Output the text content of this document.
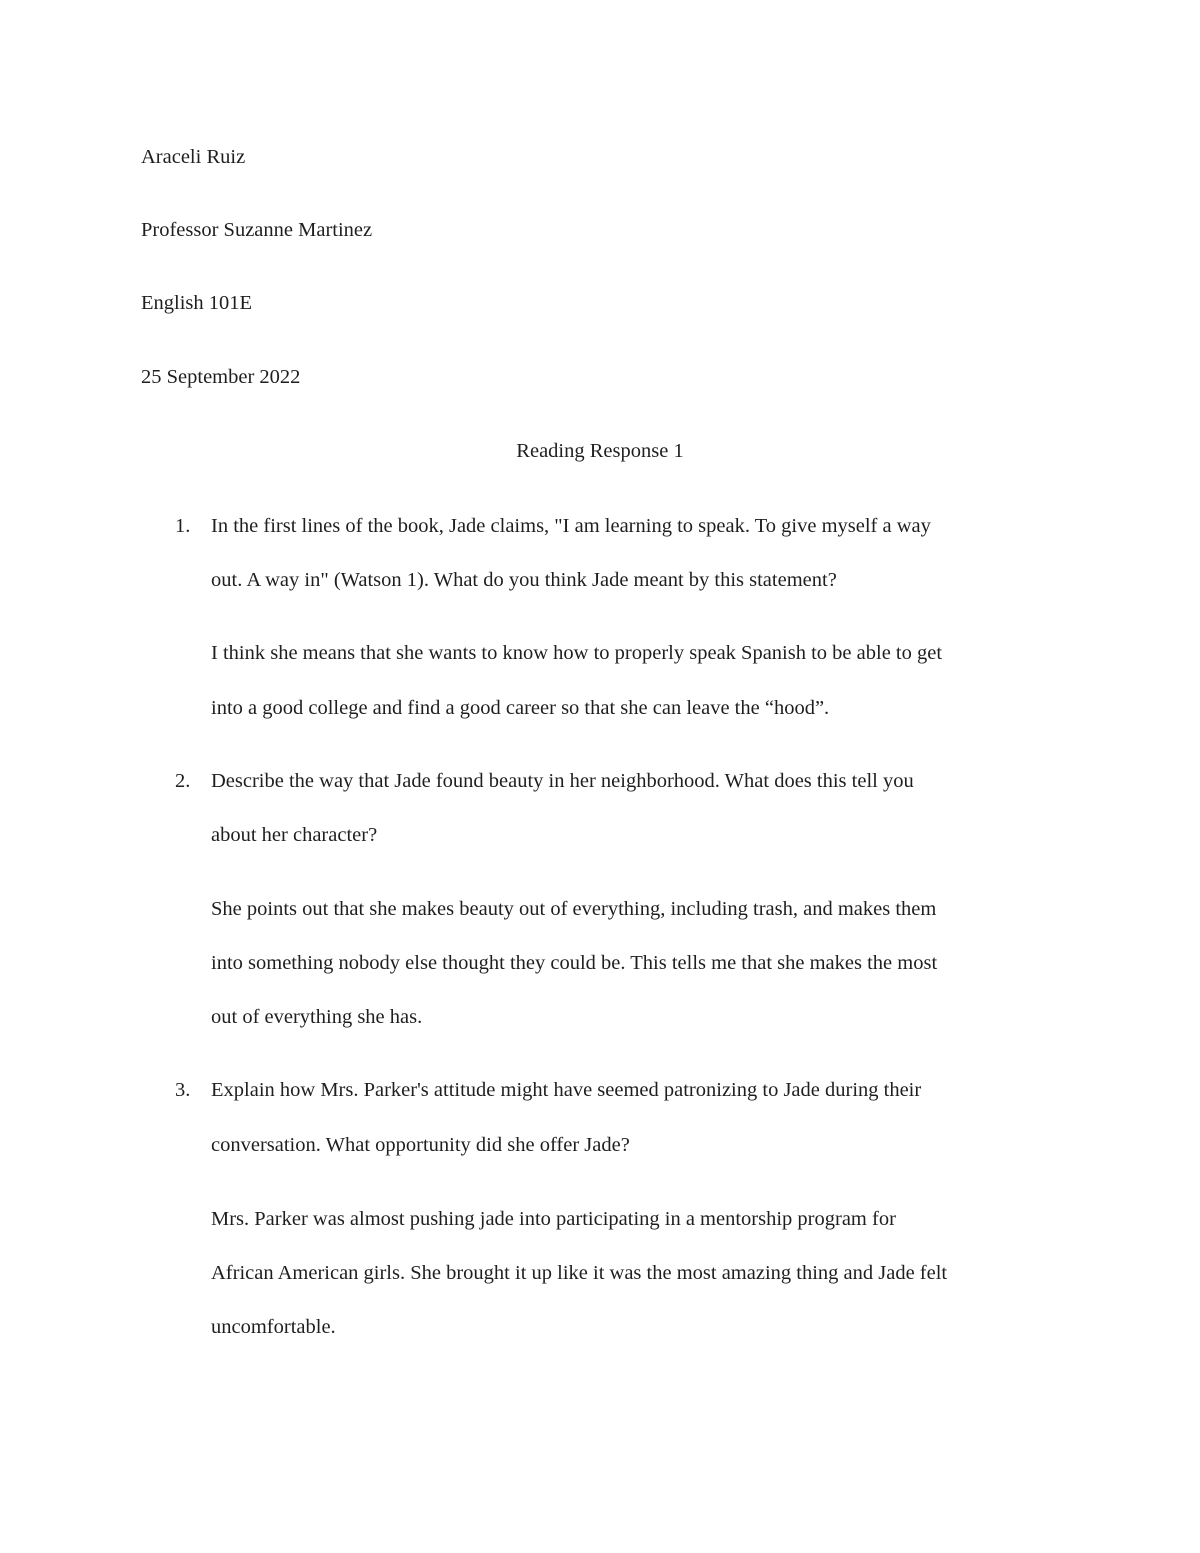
Araceli Ruiz
Professor Suzanne Martinez
English 101E
25 September 2022
Reading Response 1
1. In the first lines of the book, Jade claims, "I am learning to speak. To give myself a way
out. A way in" (Watson 1). What do you think Jade meant by this statement?
I think she means that she wants to know how to properly speak Spanish to be able to get
into a good college and find a good career so that she can leave the “hood”.
2. Describe the way that Jade found beauty in her neighborhood. What does this tell you
about her character?
She points out that she makes beauty out of everything, including trash, and makes them
into something nobody else thought they could be. This tells me that she makes the most
out of everything she has.
3. Explain how Mrs. Parker's attitude might have seemed patronizing to Jade during their
conversation. What opportunity did she offer Jade?
Mrs. Parker was almost pushing jade into participating in a mentorship program for
African American girls. She brought it up like it was the most amazing thing and Jade felt
uncomfortable.
